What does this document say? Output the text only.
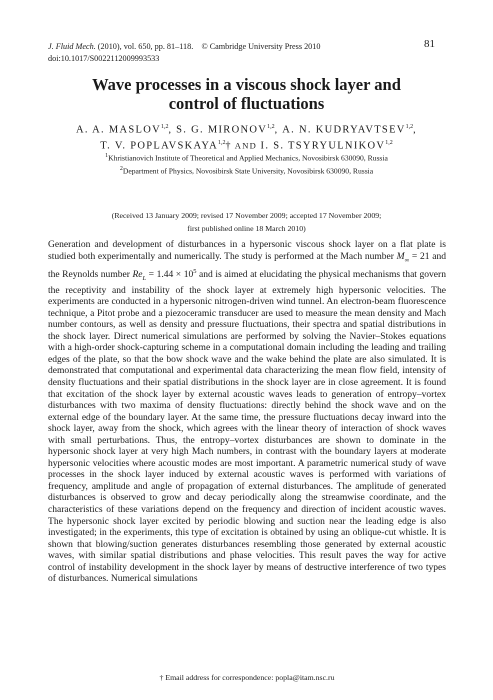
J. Fluid Mech. (2010), vol. 650, pp. 81–118. © Cambridge University Press 2010
doi:10.1017/S0022112009993533
81
Wave processes in a viscous shock layer and
control of fluctuations
A. A. MASLOV$^{1,2}$, S. G. MIRONOV$^{1,2}$, A. N. KUDRYAVTSEV$^{1,2}$,
T. V. POPLAVSKAYA$^{1,2}$† AND I. S. TSYRYULNIKOV$^{1,2}$
$^1$Khristianovich Institute of Theoretical and Applied Mechanics, Novosibirsk 630090, Russia
$^2$Department of Physics, Novosibirsk State University, Novosibirsk 630090, Russia
(Received 13 January 2009; revised 17 November 2009; accepted 17 November 2009;
first published online 18 March 2010)
Generation and development of disturbances in a hypersonic viscous shock layer on a flat plate is studied both experimentally and numerically. The study is performed at the Mach number $M_\infty = 21$ and the Reynolds number $Re_L = 1.44 \times 10^5$ and is aimed at elucidating the physical mechanisms that govern the receptivity and instability of the shock layer at extremely high hypersonic velocities. The experiments are conducted in a hypersonic nitrogen-driven wind tunnel. An electron-beam fluorescence technique, a Pitot probe and a piezoceramic transducer are used to measure the mean density and Mach number contours, as well as density and pressure fluctuations, their spectra and spatial distributions in the shock layer. Direct numerical simulations are performed by solving the Navier–Stokes equations with a high-order shock-capturing scheme in a computational domain including the leading and trailing edges of the plate, so that the bow shock wave and the wake behind the plate are also simulated. It is demonstrated that computational and experimental data characterizing the mean flow field, intensity of density fluctuations and their spatial distributions in the shock layer are in close agreement. It is found that excitation of the shock layer by external acoustic waves leads to generation of entropy–vortex disturbances with two maxima of density fluctuations: directly behind the shock wave and on the external edge of the boundary layer. At the same time, the pressure fluctuations decay inward into the shock layer, away from the shock, which agrees with the linear theory of interaction of shock waves with small perturbations. Thus, the entropy–vortex disturbances are shown to dominate in the hypersonic shock layer at very high Mach numbers, in contrast with the boundary layers at moderate hypersonic velocities where acoustic modes are most important. A parametric numerical study of wave processes in the shock layer induced by external acoustic waves is performed with variations of frequency, amplitude and angle of propagation of external disturbances. The amplitude of generated disturbances is observed to grow and decay periodically along the streamwise coordinate, and the characteristics of these variations depend on the frequency and direction of incident acoustic waves. The hypersonic shock layer excited by periodic blowing and suction near the leading edge is also investigated; in the experiments, this type of excitation is obtained by using an oblique-cut whistle. It is shown that blowing/suction generates disturbances resembling those generated by external acoustic waves, with similar spatial distributions and phase velocities. This result paves the way for active control of instability development in the shock layer by means of destructive interference of two types of disturbances. Numerical simulations
† Email address for correspondence: popla@itam.nsc.ru
